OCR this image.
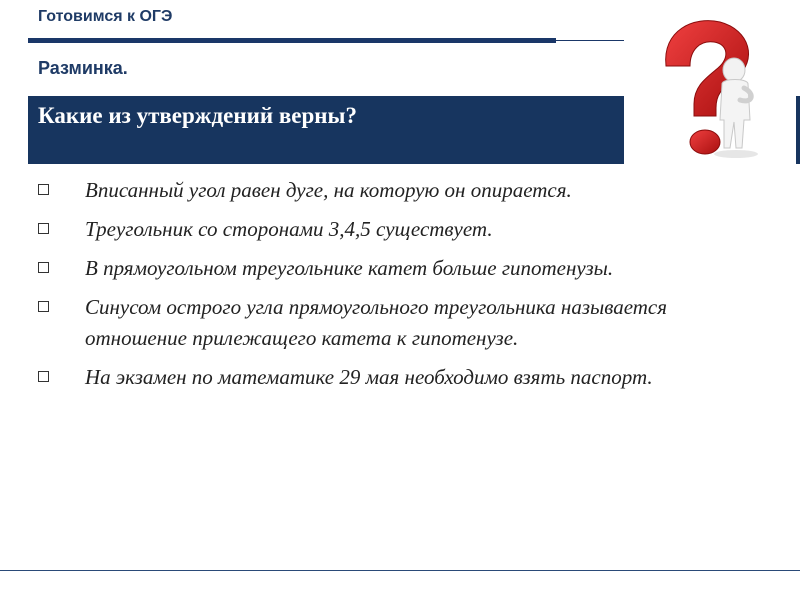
Готовимся к ОГЭ
Разминка.
Какие из утверждений верны?
Вписанный угол равен дуге, на которую он опирается.
Треугольник со сторонами 3,4,5 существует.
В прямоугольном треугольнике катет больше гипотенузы.
Синусом острого угла прямоугольного треугольника называется отношение прилежащего катета к гипотенузе.
На экзамен по математике 29 мая необходимо взять паспорт.
